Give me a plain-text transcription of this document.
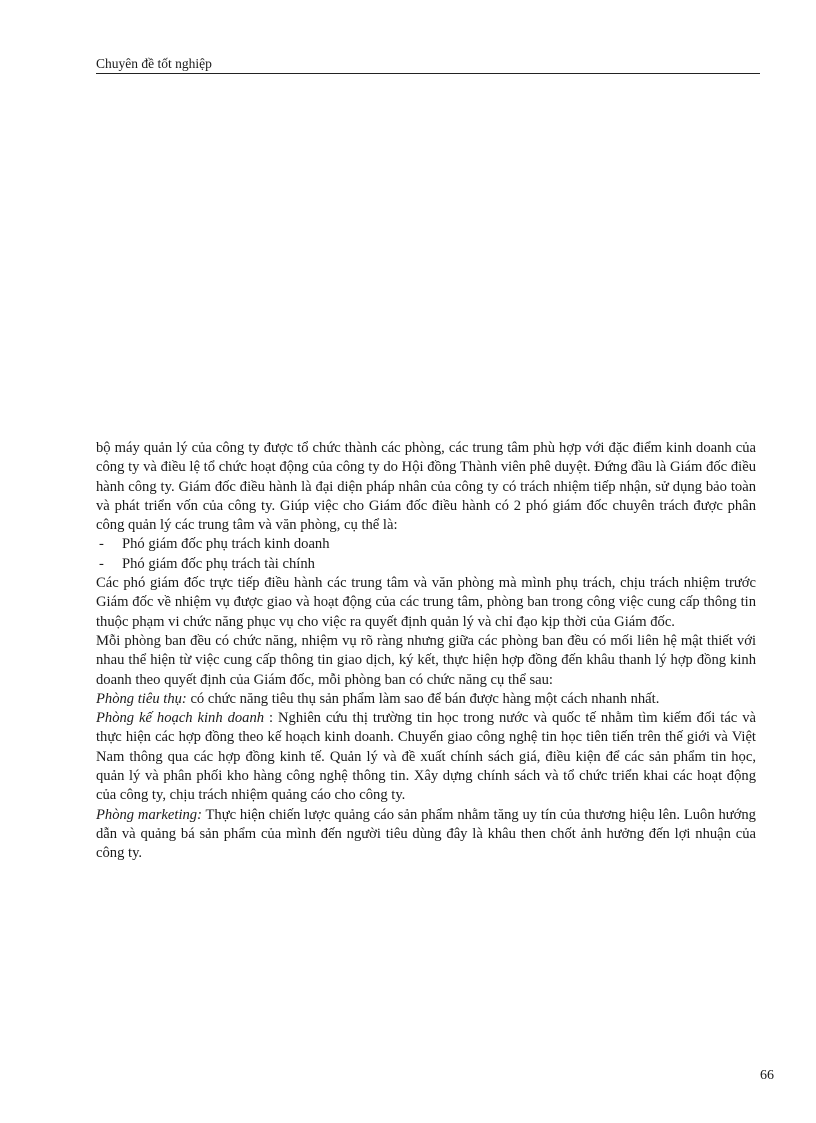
Chuyên đề tốt nghiệp

bộ máy quản lý của công ty được tổ chức thành các phòng, các trung tâm phù hợp với đặc điểm kinh doanh của công ty và điều lệ tổ chức hoạt động của công ty do Hội đồng Thành viên phê duyệt. Đứng đầu là Giám đốc điều hành công ty. Giám đốc điều hành là đại diện pháp nhân của công ty có trách nhiệm tiếp nhận, sử dụng bảo toàn và phát triển vốn của công ty. Giúp việc cho Giám đốc điều hành có 2 phó giám đốc chuyên trách được phân công quản lý các trung tâm và văn phòng, cụ thể là:

-	Phó giám đốc phụ trách kinh doanh
-	Phó giám đốc phụ trách tài chính

Các phó giám đốc trực tiếp điều hành các trung tâm và văn phòng mà mình phụ trách, chịu trách nhiệm trước Giám đốc về nhiệm vụ được giao và hoạt động của các trung tâm, phòng ban trong công việc cung cấp thông tin thuộc phạm vi chức năng phục vụ cho việc ra quyết định quản lý và chỉ đạo kịp thời của Giám đốc.

Mỗi phòng ban đều có chức năng, nhiệm vụ rõ ràng nhưng giữa các phòng ban đều có mối liên hệ mật thiết với nhau thể hiện từ việc cung cấp thông tin giao dịch, ký kết, thực hiện hợp đồng đến khâu thanh lý hợp đồng kinh doanh theo quyết định của Giám đốc, mỗi phòng ban có chức năng cụ thể sau:

Phòng tiêu thụ: có chức năng tiêu thụ sản phẩm làm sao để bán được hàng một cách nhanh nhất.

Phòng kế hoạch kinh doanh : Nghiên cứu thị trường tin học trong nước và quốc tế nhằm tìm kiếm đối tác và thực hiện các hợp đồng theo kế hoạch kinh doanh. Chuyển giao công nghệ tin học tiên tiến trên thế giới và Việt Nam thông qua các hợp đồng kinh tế. Quản lý và đề xuất chính sách giá, điều kiện để các sản phẩm tin học, quản lý và phân phối kho hàng công nghệ thông tin. Xây dựng chính sách và tổ chức triển khai các hoạt động của công ty, chịu trách nhiệm quảng cáo cho công ty.

Phòng marketing: Thực hiện chiến lược quảng cáo sản phẩm nhằm tăng uy tín của thương hiệu lên. Luôn hướng dẫn và quảng bá sản phẩm của mình đến người tiêu dùng đây là khâu then chốt ảnh hưởng đến lợi nhuận của công ty.

66
